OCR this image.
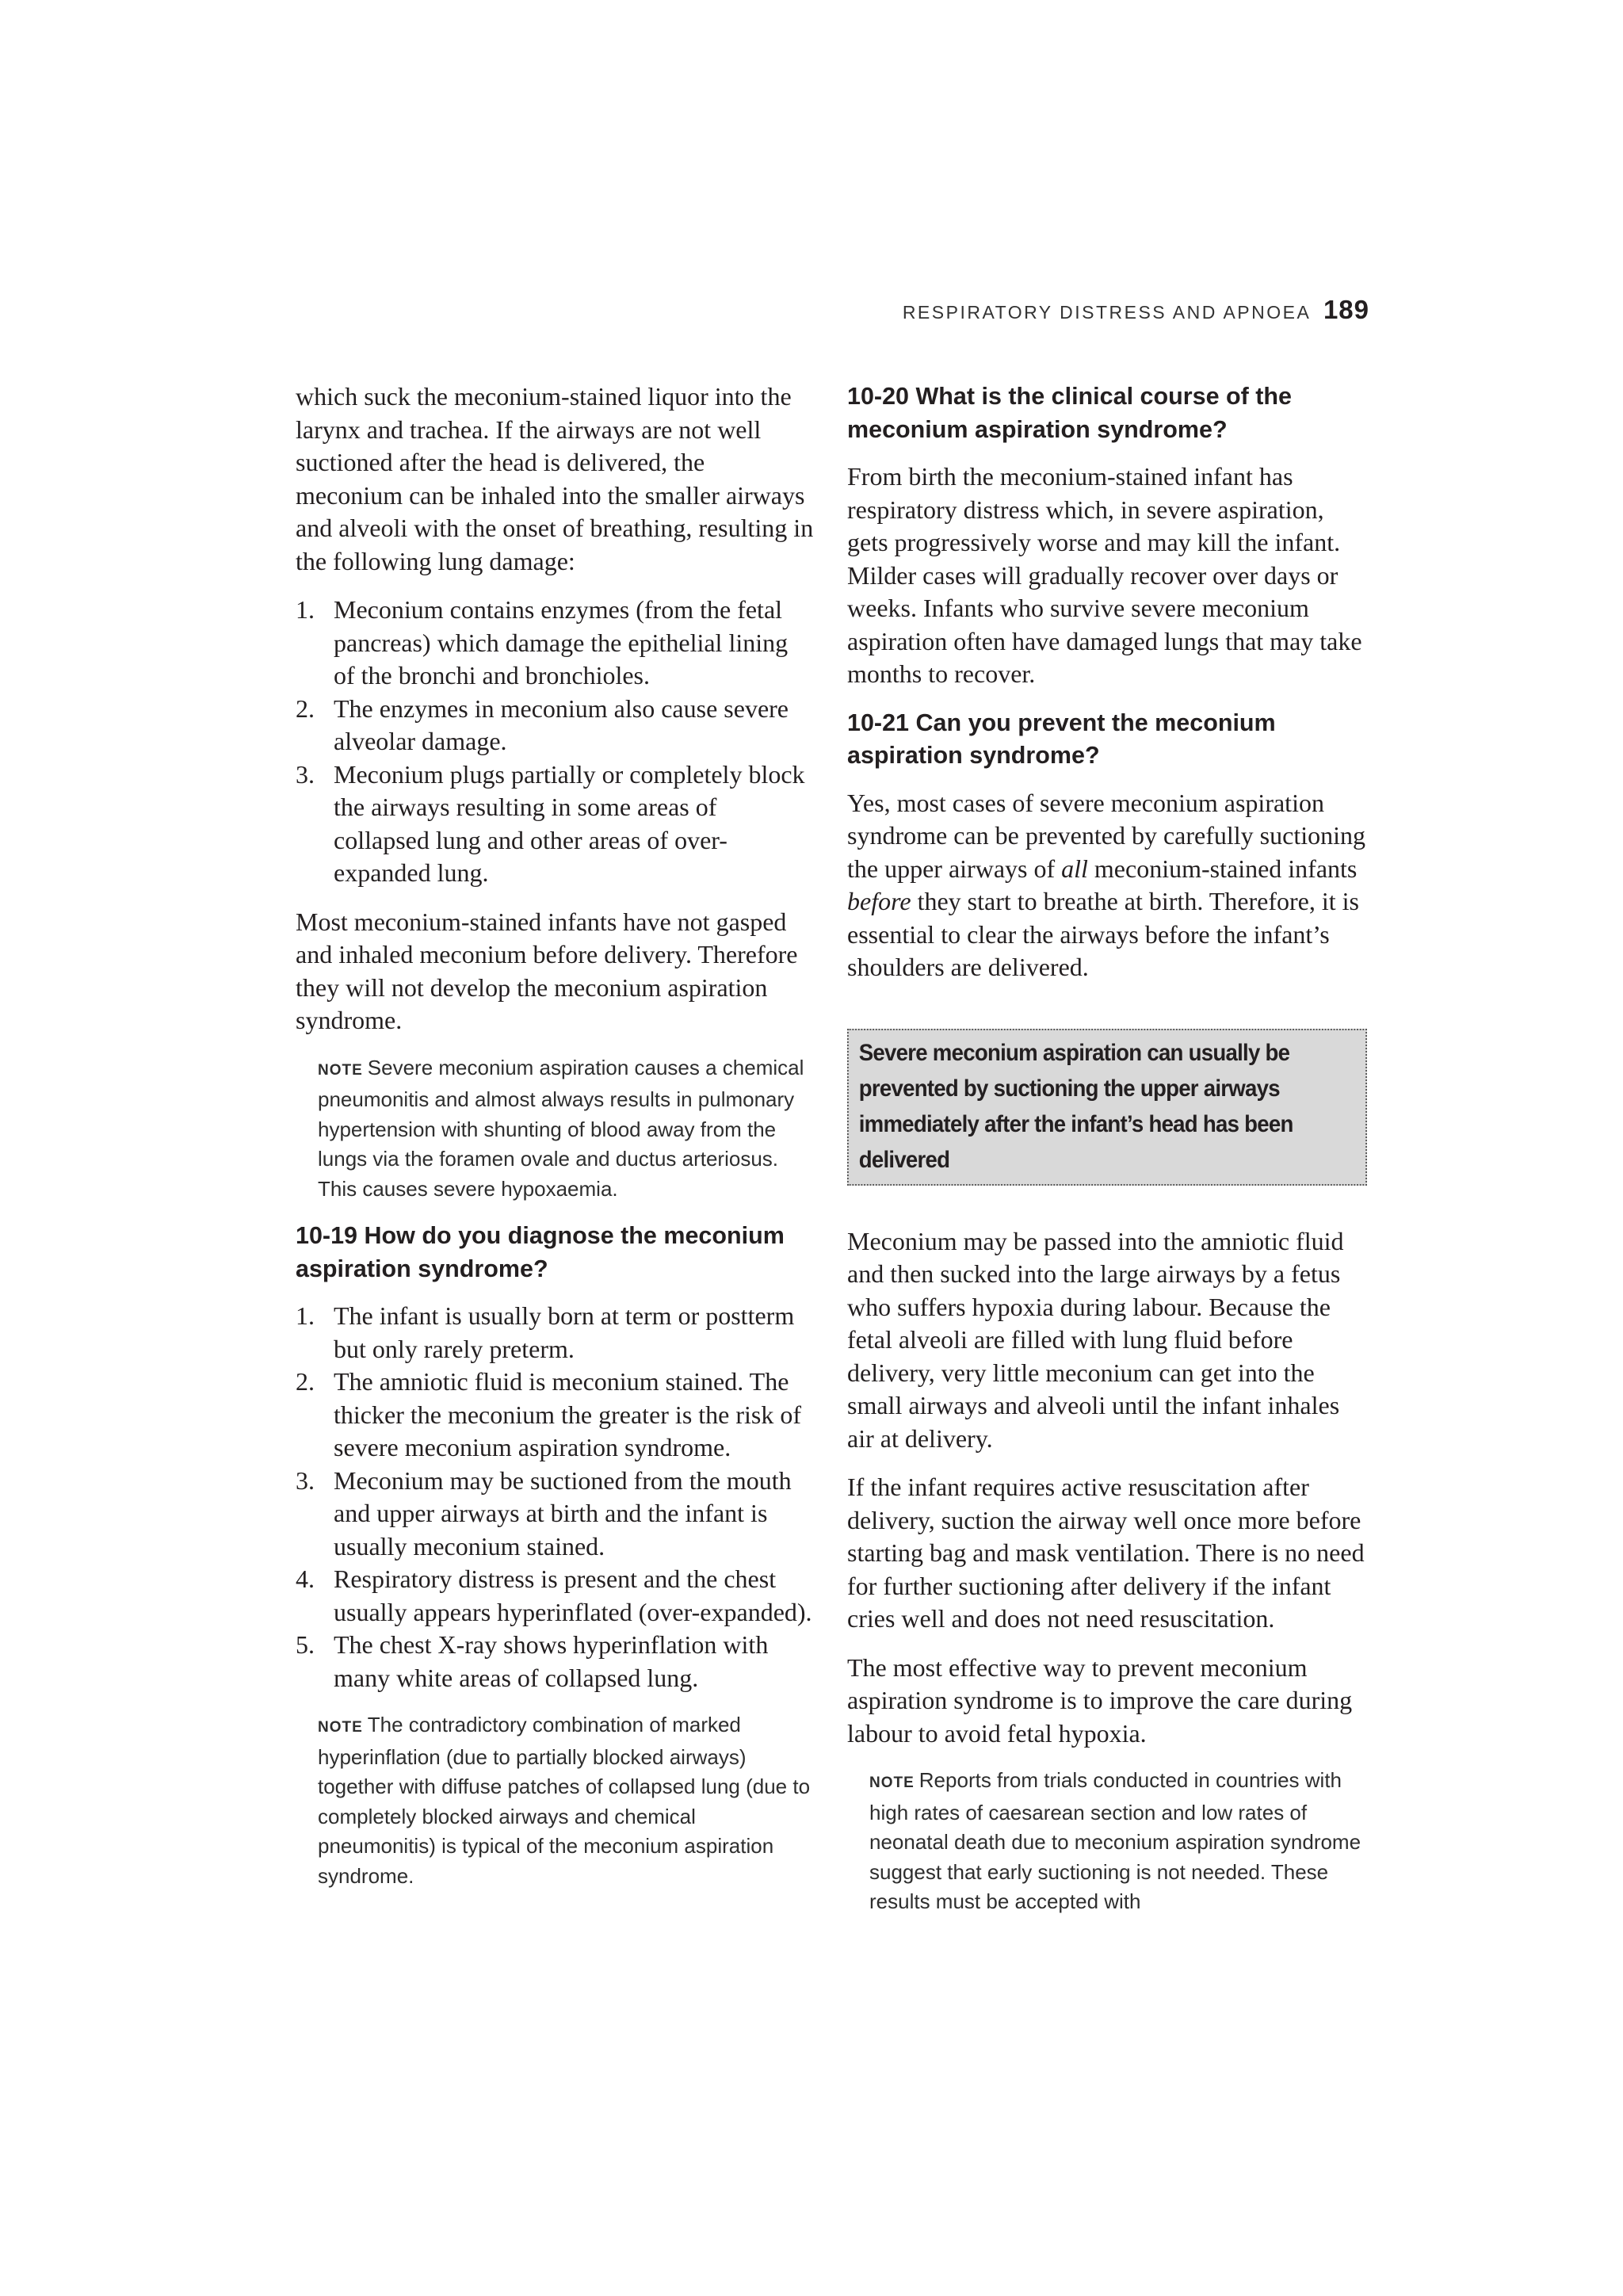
RESPIRATORY DISTRESS AND APNOEA 189

which suck the meconium-stained liquor into the larynx and trachea. If the airways are not well suctioned after the head is delivered, the meconium can be inhaled into the smaller airways and alveoli with the onset of breathing, resulting in the following lung damage:

1. Meconium contains enzymes (from the fetal pancreas) which damage the epithelial lining of the bronchi and bronchioles.
2. The enzymes in meconium also cause severe alveolar damage.
3. Meconium plugs partially or completely block the airways resulting in some areas of collapsed lung and other areas of over-expanded lung.

Most meconium-stained infants have not gasped and inhaled meconium before delivery. Therefore they will not develop the meconium aspiration syndrome.

NOTE Severe meconium aspiration causes a chemical pneumonitis and almost always results in pulmonary hypertension with shunting of blood away from the lungs via the foramen ovale and ductus arteriosus. This causes severe hypoxaemia.

10-19 How do you diagnose the meconium aspiration syndrome?
1. The infant is usually born at term or postterm but only rarely preterm.
2. The amniotic fluid is meconium stained. The thicker the meconium the greater is the risk of severe meconium aspiration syndrome.
3. Meconium may be suctioned from the mouth and upper airways at birth and the infant is usually meconium stained.
4. Respiratory distress is present and the chest usually appears hyperinflated (over-expanded).
5. The chest X-ray shows hyperinflation with many white areas of collapsed lung.

NOTE The contradictory combination of marked hyperinflation (due to partially blocked airways) together with diffuse patches of collapsed lung (due to completely blocked airways and chemical pneumonitis) is typical of the meconium aspiration syndrome.

10-20 What is the clinical course of the meconium aspiration syndrome?

From birth the meconium-stained infant has respiratory distress which, in severe aspiration, gets progressively worse and may kill the infant. Milder cases will gradually recover over days or weeks. Infants who survive severe meconium aspiration often have damaged lungs that may take months to recover.

10-21 Can you prevent the meconium aspiration syndrome?

Yes, most cases of severe meconium aspiration syndrome can be prevented by carefully suctioning the upper airways of all meconium-stained infants before they start to breathe at birth. Therefore, it is essential to clear the airways before the infant’s shoulders are delivered.

Severe meconium aspiration can usually be prevented by suctioning the upper airways immediately after the infant’s head has been delivered

Meconium may be passed into the amniotic fluid and then sucked into the large airways by a fetus who suffers hypoxia during labour. Because the fetal alveoli are filled with lung fluid before delivery, very little meconium can get into the small airways and alveoli until the infant inhales air at delivery.

If the infant requires active resuscitation after delivery, suction the airway well once more before starting bag and mask ventilation. There is no need for further suctioning after delivery if the infant cries well and does not need resuscitation.

The most effective way to prevent meconium aspiration syndrome is to improve the care during labour to avoid fetal hypoxia.

NOTE Reports from trials conducted in countries with high rates of caesarean section and low rates of neonatal death due to meconium aspiration syndrome suggest that early suctioning is not needed. These results must be accepted with
